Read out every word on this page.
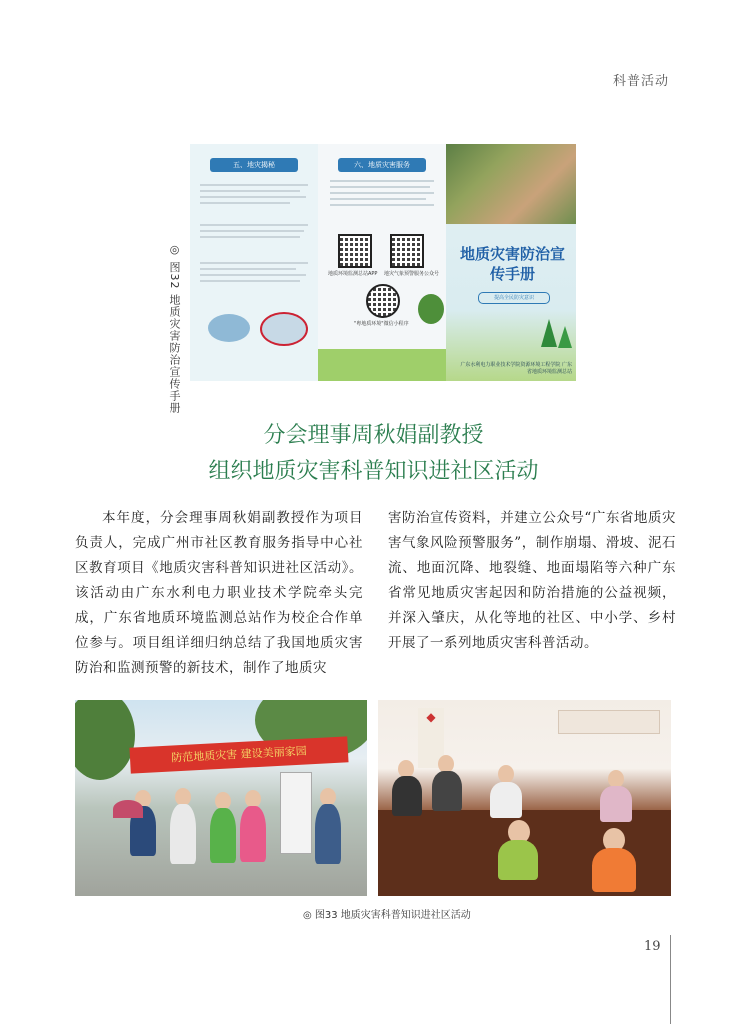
科普活动
五、地灾揭秘	六、地质灾害服务
地质环境监测总站APP 地灾气象预警服务公众号
"粤地质环境"微信小程序
地质灾害防治宣传手册
提高全民防灾意识
广东水利电力职业技术学院资源环境工程学院 广东省地质环境监测总站
◎ 图32 地质灾害防治宣传手册
分会理事周秋娟副教授
组织地质灾害科普知识进社区活动
本年度，分会理事周秋娟副教授作为项目负责人，完成广州市社区教育服务指导中心社区教育项目《地质灾害科普知识进社区活动》。该活动由广东水利电力职业技术学院牵头完成，广东省地质环境监测总站作为校企合作单位参与。项目组详细归纳总结了我国地质灾害防治和监测预警的新技术，制作了地质灾
害防治宣传资料，并建立公众号“广东省地质灾害气象风险预警服务”，制作崩塌、滑坡、泥石流、地面沉降、地裂缝、地面塌陷等六种广东省常见地质灾害起因和防治措施的公益视频，并深入肇庆，从化等地的社区、中小学、乡村开展了一系列地质灾害科普活动。
防范地质灾害 建设美丽家园
◆
◎ 图33 地质灾害科普知识进社区活动
19
